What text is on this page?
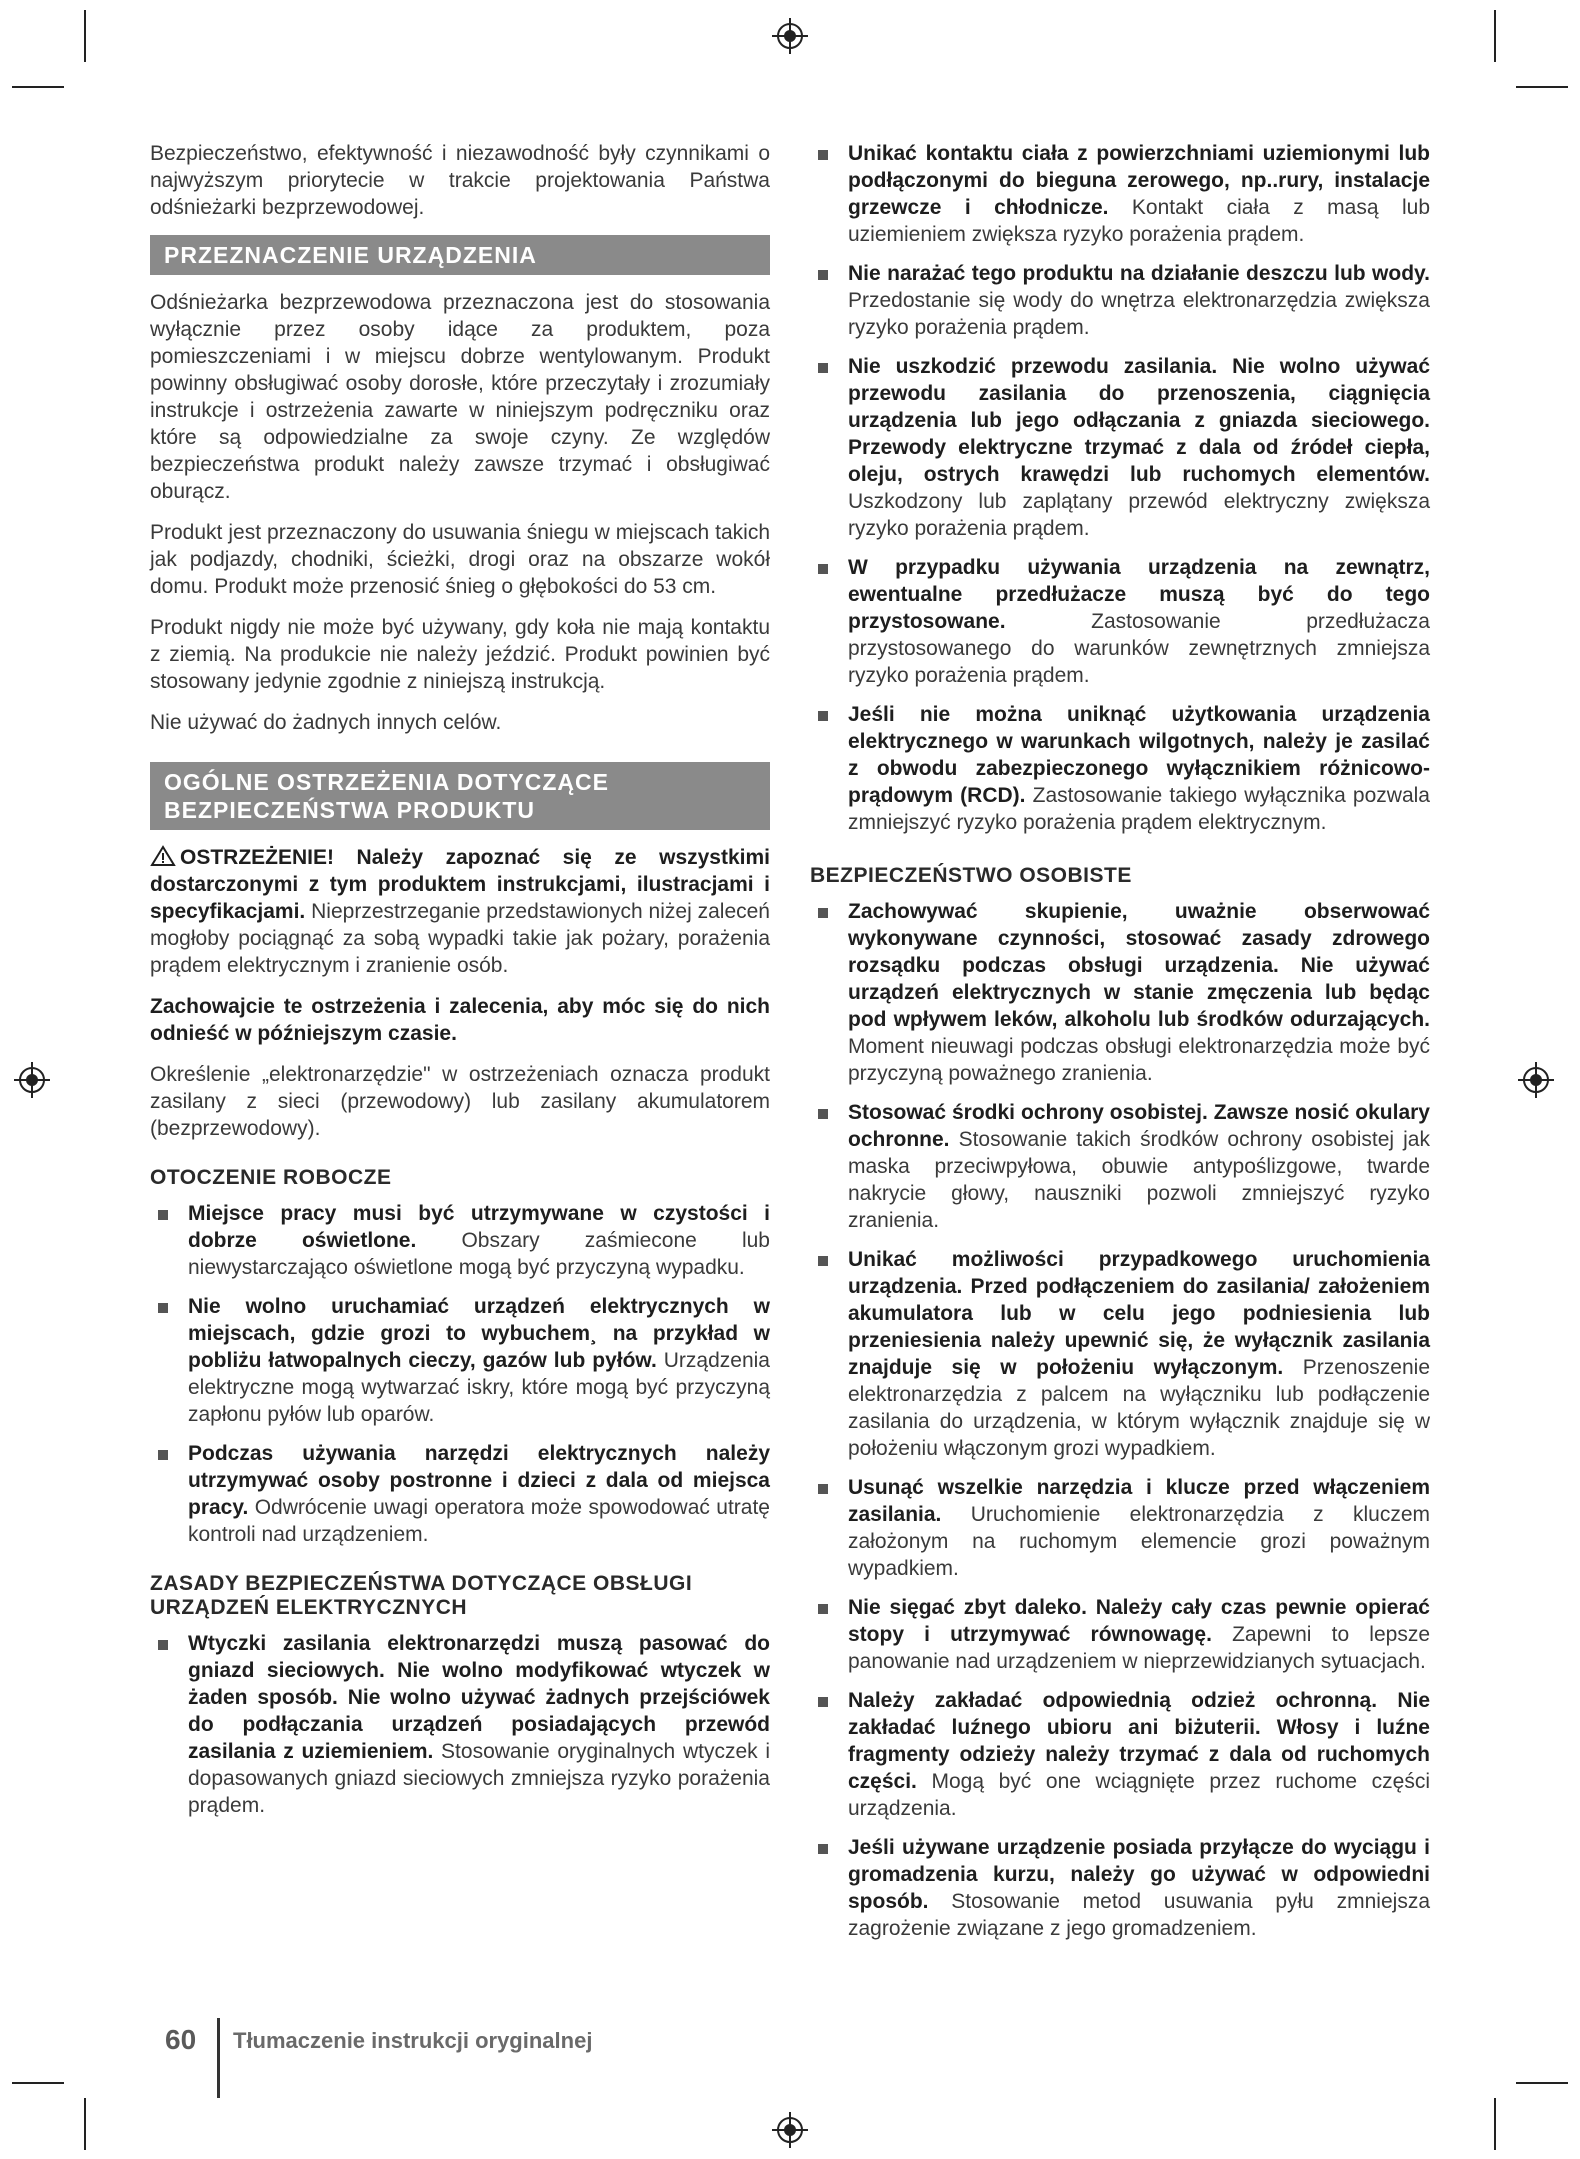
Bezpieczeństwo, efektywność i niezawodność były czynnikami o najwyższym priorytecie w trakcie projektowania Państwa odśnieżarki bezprzewodowej.

PRZEZNACZENIE URZĄDZENIA

Odśnieżarka bezprzewodowa przeznaczona jest do stosowania wyłącznie przez osoby idące za produktem, poza pomieszczeniami i w miejscu dobrze wentylowanym. Produkt powinny obsługiwać osoby dorosłe, które przeczytały i zrozumiały instrukcje i ostrzeżenia zawarte w niniejszym podręczniku oraz które są odpowiedzialne za swoje czyny. Ze względów bezpieczeństwa produkt należy zawsze trzymać i obsługiwać oburącz.

Produkt jest przeznaczony do usuwania śniegu w miejscach takich jak podjazdy, chodniki, ścieżki, drogi oraz na obszarze wokół domu. Produkt może przenosić śnieg o głębokości do 53 cm.

Produkt nigdy nie może być używany, gdy koła nie mają kontaktu z ziemią. Na produkcie nie należy jeździć. Produkt powinien być stosowany jedynie zgodnie z niniejszą instrukcją.

Nie używać do żadnych innych celów.

OGÓLNE OSTRZEŻENIA DOTYCZĄCE
BEZPIECZEŃSTWA PRODUKTU

OSTRZEŻENIE! Należy zapoznać się ze wszystkimi dostarczonymi z tym produktem instrukcjami, ilustracjami i specyfikacjami. Nieprzestrzeganie przedstawionych niżej zaleceń mogłoby pociągnąć za sobą wypadki takie jak pożary, porażenia prądem elektrycznym i zranienie osób.

Zachowajcie te ostrzeżenia i zalecenia, aby móc się do nich odnieść w późniejszym czasie.

Określenie „elektronarzędzie" w ostrzeżeniach oznacza produkt zasilany z sieci (przewodowy) lub zasilany akumulatorem (bezprzewodowy).

OTOCZENIE ROBOCZE
Miejsce pracy musi być utrzymywane w czystości i dobrze oświetlone. Obszary zaśmiecone lub niewystarczająco oświetlone mogą być przyczyną wypadku.
Nie wolno uruchamiać urządzeń elektrycznych w miejscach, gdzie grozi to wybuchem¸ na przykład w pobliżu łatwopalnych cieczy, gazów lub pyłów. Urządzenia elektryczne mogą wytwarzać iskry, które mogą być przyczyną zapłonu pyłów lub oparów.
Podczas używania narzędzi elektrycznych należy utrzymywać osoby postronne i dzieci z dala od miejsca pracy. Odwrócenie uwagi operatora może spowodować utratę kontroli nad urządzeniem.
ZASADY BEZPIECZEŃSTWA DOTYCZĄCE OBSŁUGI
URZĄDZEŃ ELEKTRYCZNYCH
Wtyczki zasilania elektronarzędzi muszą pasować do gniazd sieciowych. Nie wolno modyfikować wtyczek w żaden sposób. Nie wolno używać żadnych przejściówek do podłączania urządzeń posiadających przewód zasilania z uziemieniem. Stosowanie oryginalnych wtyczek i dopasowanych gniazd sieciowych zmniejsza ryzyko porażenia prądem.
Unikać kontaktu ciała z powierzchniami uziemionymi lub podłączonymi do bieguna zerowego, np..rury, instalacje grzewcze i chłodnicze. Kontakt ciała z masą lub uziemieniem zwiększa ryzyko porażenia prądem.
Nie narażać tego produktu na działanie deszczu lub wody. Przedostanie się wody do wnętrza elektronarzędzia zwiększa ryzyko porażenia prądem.
Nie uszkodzić przewodu zasilania. Nie wolno używać przewodu zasilania do przenoszenia, ciągnięcia urządzenia lub jego odłączania z gniazda sieciowego. Przewody elektryczne trzymać z dala od źródeł ciepła, oleju, ostrych krawędzi lub ruchomych elementów. Uszkodzony lub zaplątany przewód elektryczny zwiększa ryzyko porażenia prądem.
W przypadku używania urządzenia na zewnątrz, ewentualne przedłużacze muszą być do tego przystosowane. Zastosowanie przedłużacza przystosowanego do warunków zewnętrznych zmniejsza ryzyko porażenia prądem.
Jeśli nie można uniknąć użytkowania urządzenia elektrycznego w warunkach wilgotnych, należy je zasilać z obwodu zabezpieczonego wyłącznikiem różnicowo-prądowym (RCD). Zastosowanie takiego wyłącznika pozwala zmniejszyć ryzyko porażenia prądem elektrycznym.
BEZPIECZEŃSTWO OSOBISTE
Zachowywać skupienie, uważnie obserwować wykonywane czynności, stosować zasady zdrowego rozsądku podczas obsługi urządzenia. Nie używać urządzeń elektrycznych w stanie zmęczenia lub będąc pod wpływem leków, alkoholu lub środków odurzających. Moment nieuwagi podczas obsługi elektronarzędzia może być przyczyną poważnego zranienia.
Stosować środki ochrony osobistej. Zawsze nosić okulary ochronne. Stosowanie takich środków ochrony osobistej jak maska przeciwpyłowa, obuwie antypoślizgowe, twarde nakrycie głowy, nauszniki pozwoli zmniejszyć ryzyko zranienia.
Unikać możliwości przypadkowego uruchomienia urządzenia. Przed podłączeniem do zasilania/ założeniem akumulatora lub w celu jego podniesienia lub przeniesienia należy upewnić się, że wyłącznik zasilania znajduje się w położeniu wyłączonym. Przenoszenie elektronarzędzia z palcem na wyłączniku lub podłączenie zasilania do urządzenia, w którym wyłącznik znajduje się w położeniu włączonym grozi wypadkiem.
Usunąć wszelkie narzędzia i klucze przed włączeniem zasilania. Uruchomienie elektronarzędzia z kluczem założonym na ruchomym elemencie grozi poważnym wypadkiem.
Nie sięgać zbyt daleko. Należy cały czas pewnie opierać stopy i utrzymywać równowagę. Zapewni to lepsze panowanie nad urządzeniem w nieprzewidzianych sytuacjach.
Należy zakładać odpowiednią odzież ochronną. Nie zakładać luźnego ubioru ani biżuterii. Włosy i luźne fragmenty odzieży należy trzymać z dala od ruchomych części. Mogą być one wciągnięte przez ruchome części urządzenia.
Jeśli używane urządzenie posiada przyłącze do wyciągu i gromadzenia kurzu, należy go używać w odpowiedni sposób. Stosowanie metod usuwania pyłu zmniejsza zagrożenie związane z jego gromadzeniem.
60 Tłumaczenie instrukcji oryginalnej
